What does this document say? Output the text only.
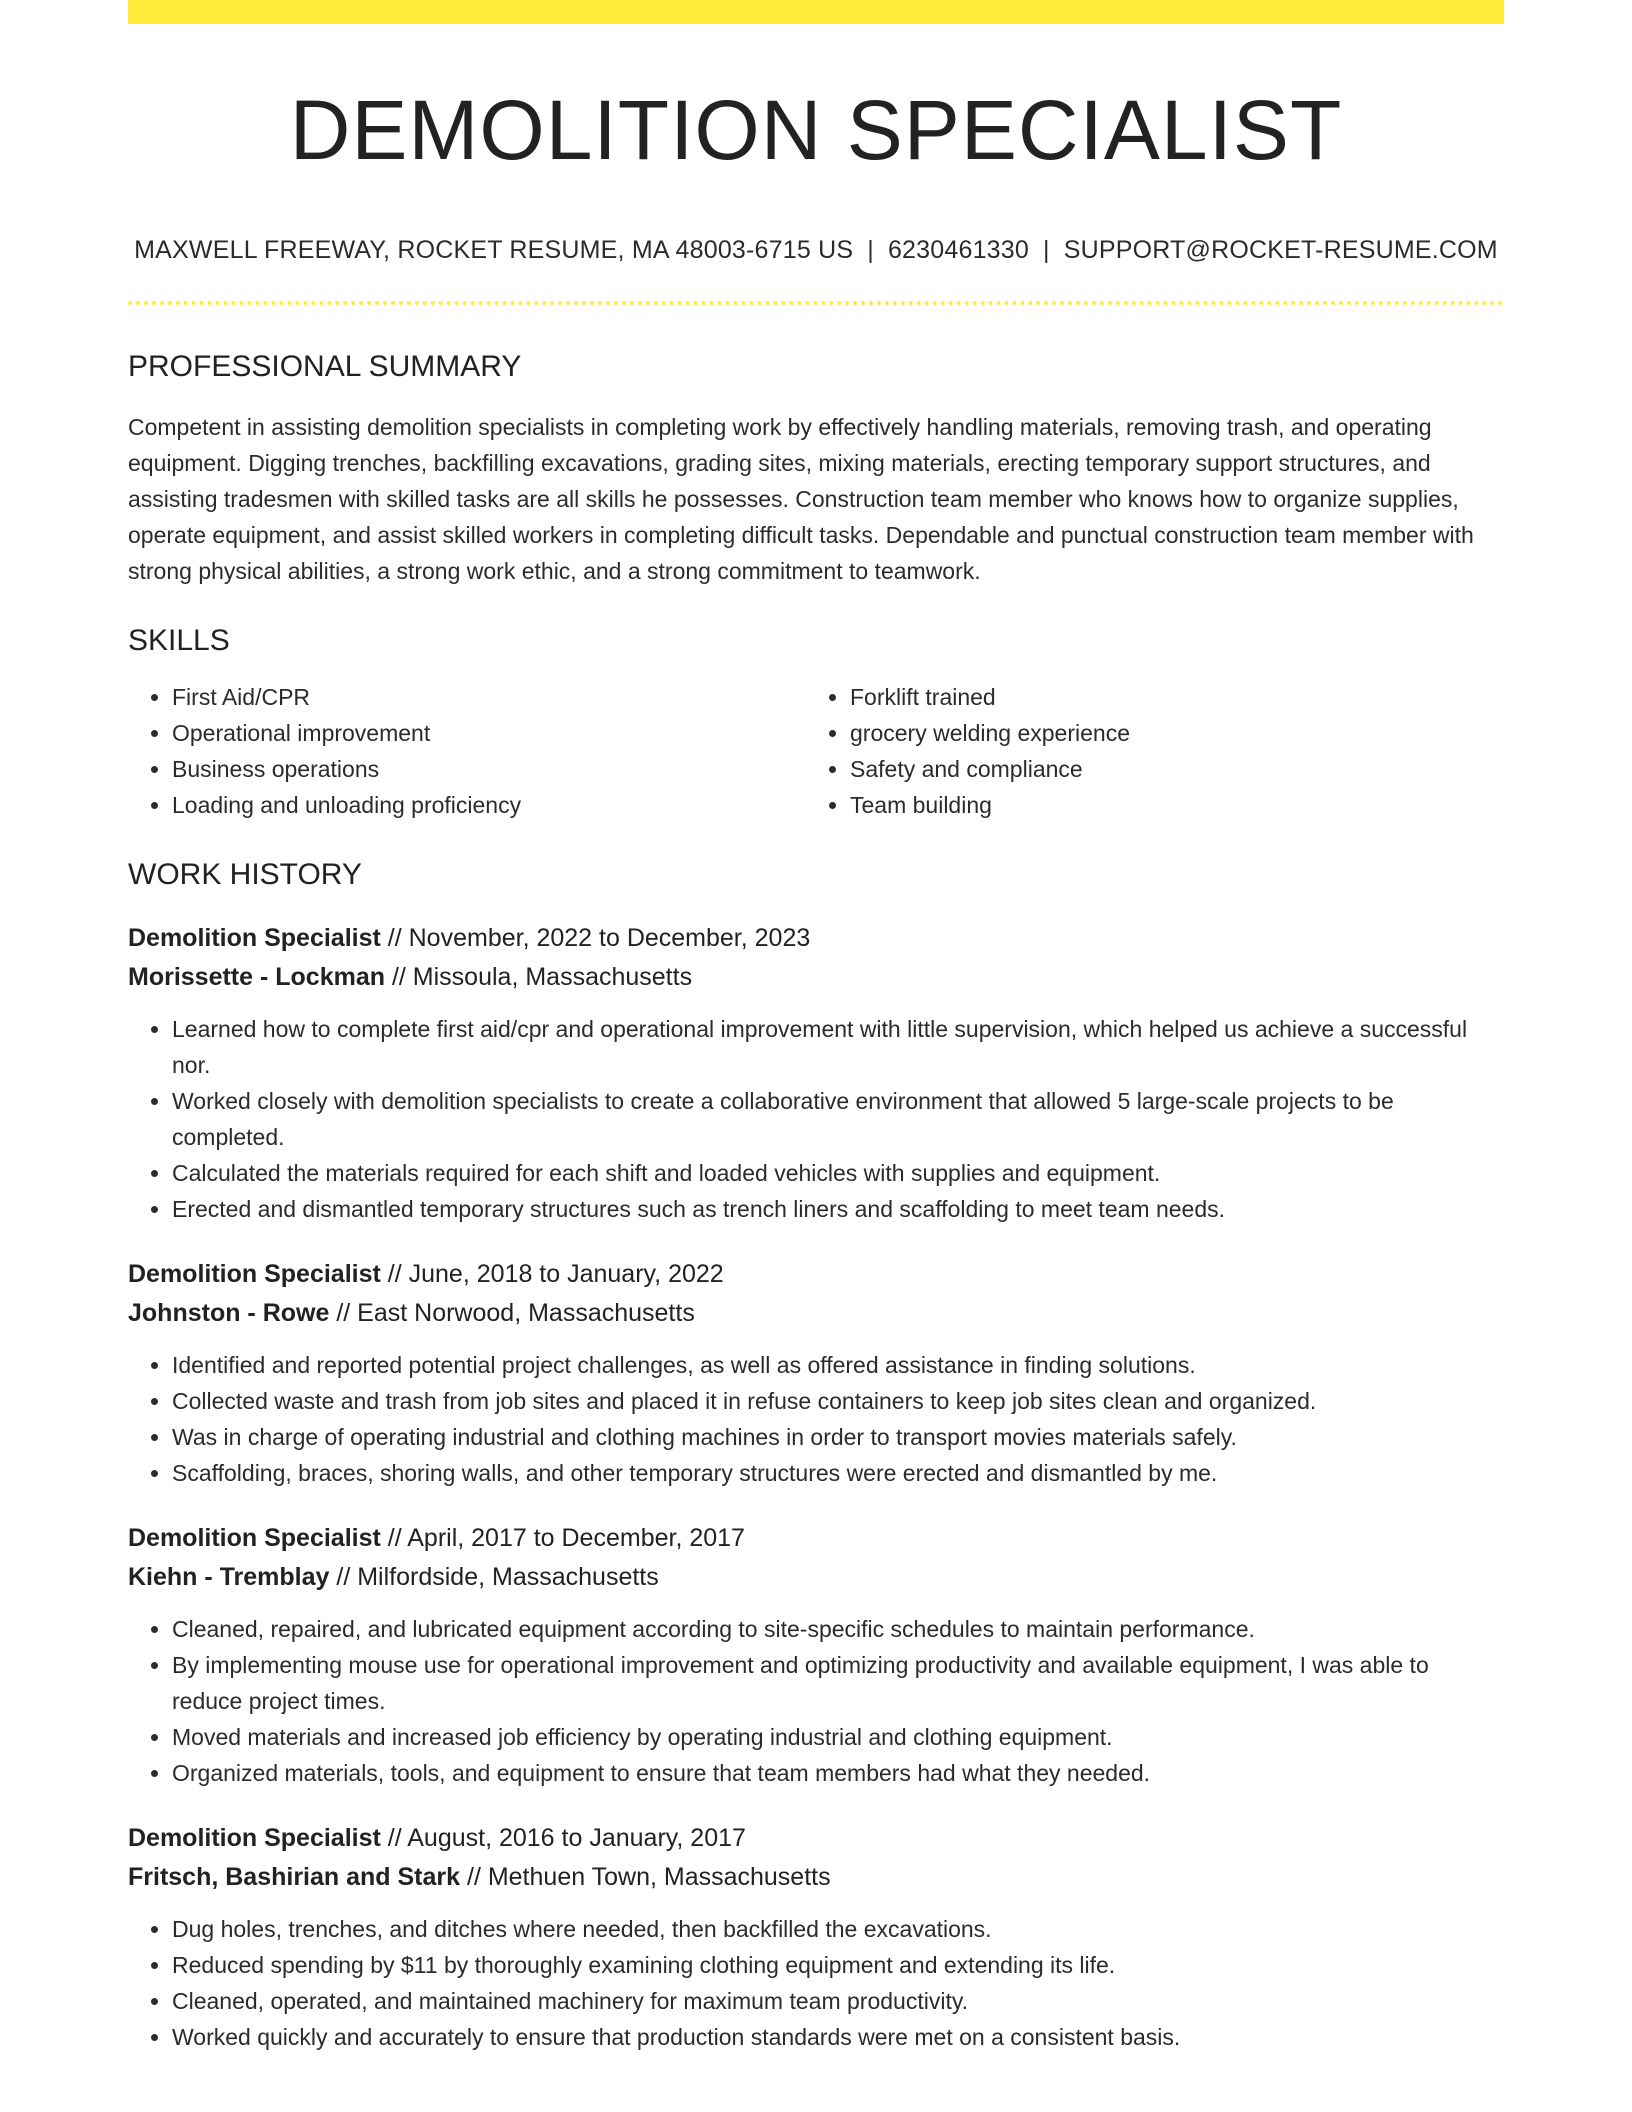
DEMOLITION SPECIALIST
MAXWELL FREEWAY, ROCKET RESUME, MA 48003-6715 US | 6230461330 | SUPPORT@ROCKET-RESUME.COM
PROFESSIONAL SUMMARY

Competent in assisting demolition specialists in completing work by effectively handling materials, removing trash, and operating equipment. Digging trenches, backfilling excavations, grading sites, mixing materials, erecting temporary support structures, and assisting tradesmen with skilled tasks are all skills he possesses. Construction team member who knows how to organize supplies, operate equipment, and assist skilled workers in completing difficult tasks. Dependable and punctual construction team member with strong physical abilities, a strong work ethic, and a strong commitment to teamwork.

SKILLS
• First Aid/CPR
• Operational improvement
• Business operations
• Loading and unloading proficiency
• Forklift trained
• grocery welding experience
• Safety and compliance
• Team building
WORK HISTORY
Demolition Specialist // November, 2022 to December, 2023
Morissette - Lockman // Missoula, Massachusetts
• Learned how to complete first aid/cpr and operational improvement with little supervision, which helped us achieve a successful nor.
• Worked closely with demolition specialists to create a collaborative environment that allowed 5 large-scale projects to be completed.
• Calculated the materials required for each shift and loaded vehicles with supplies and equipment.
• Erected and dismantled temporary structures such as trench liners and scaffolding to meet team needs.
Demolition Specialist // June, 2018 to January, 2022
Johnston - Rowe // East Norwood, Massachusetts
• Identified and reported potential project challenges, as well as offered assistance in finding solutions.
• Collected waste and trash from job sites and placed it in refuse containers to keep job sites clean and organized.
• Was in charge of operating industrial and clothing machines in order to transport movies materials safely.
• Scaffolding, braces, shoring walls, and other temporary structures were erected and dismantled by me.
Demolition Specialist // April, 2017 to December, 2017
Kiehn - Tremblay // Milfordside, Massachusetts
• Cleaned, repaired, and lubricated equipment according to site-specific schedules to maintain performance.
• By implementing mouse use for operational improvement and optimizing productivity and available equipment, I was able to reduce project times.
• Moved materials and increased job efficiency by operating industrial and clothing equipment.
• Organized materials, tools, and equipment to ensure that team members had what they needed.
Demolition Specialist // August, 2016 to January, 2017
Fritsch, Bashirian and Stark // Methuen Town, Massachusetts
• Dug holes, trenches, and ditches where needed, then backfilled the excavations.
• Reduced spending by $11 by thoroughly examining clothing equipment and extending its life.
• Cleaned, operated, and maintained machinery for maximum team productivity.
• Worked quickly and accurately to ensure that production standards were met on a consistent basis.
